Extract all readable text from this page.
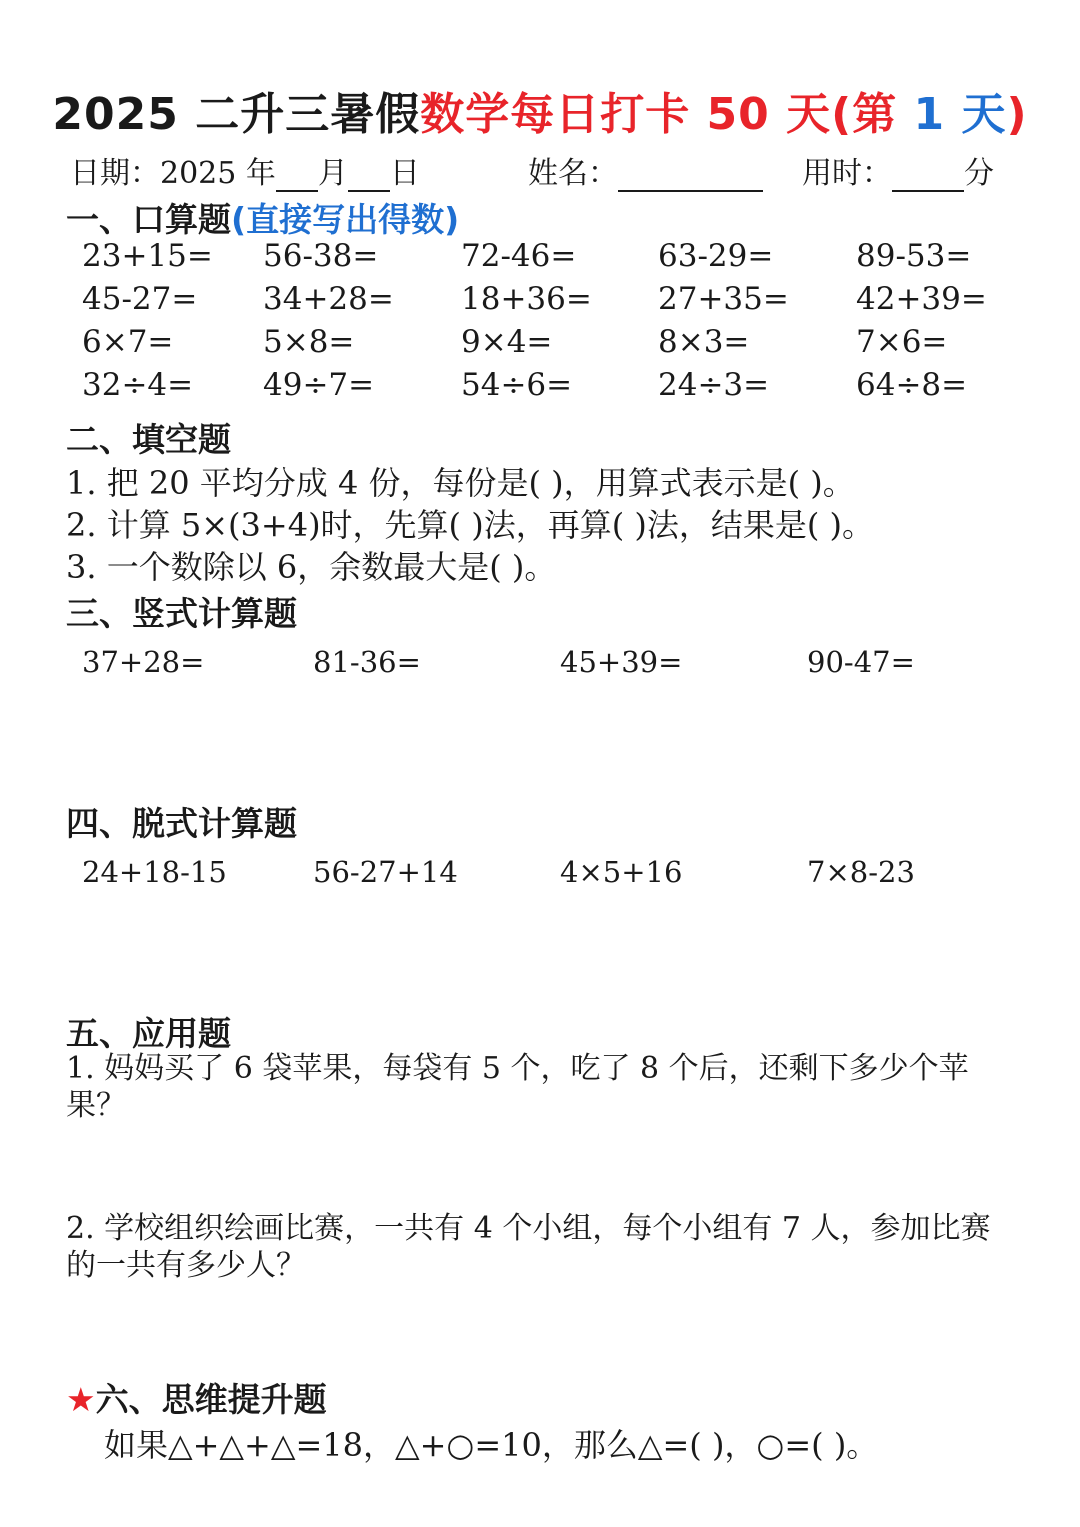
2025 二升三暑假数学每日打卡 50 天(第 1 天)
日期：2025 年 月 日	姓名：	用时： 分
一、口算题(直接写出得数)
23+15= 56-38=	72-46=	63-29=	89-53=
45-27= 34+28= 18+36= 27+35= 42+39=
6×7=	5×8=	9×4=	8×3=	7×6=
32÷4= 49÷7=	54÷6=	24÷3=	64÷8=
二、填空题
1. 把 20 平均分成 4 份，每份是( )，用算式表示是( )。
2. 计算 5×(3+4)时，先算( )法，再算( )法，结果是( )。
3. 一个数除以 6，余数最大是( )。
三、竖式计算题
37+28=	81-36=	45+39=	90-47=
四、脱式计算题
24+18-15	56-27+14	4×5+16	7×8-23
五、应用题
1. 妈妈买了 6 袋苹果，每袋有 5 个，吃了 8 个后，还剩下多少个苹果？
2. 学校组织绘画比赛，一共有 4 个小组，每个小组有 7 人，参加比赛的一共有多少人？
★六、思维提升题
如果△+△+△=18，△+○=10，那么△=( )，○=( )。
